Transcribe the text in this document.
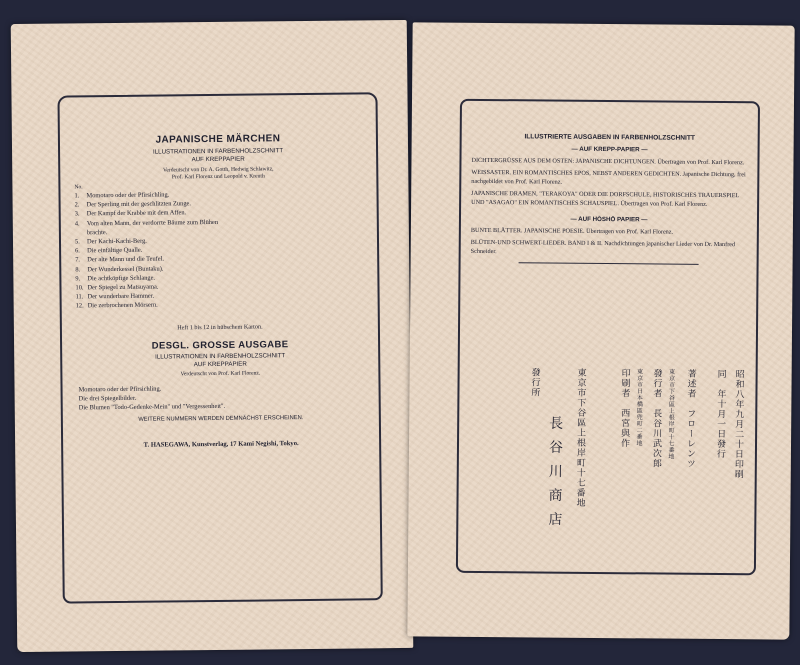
JAPANISCHE MÄRCHEN
ILLUSTRATIONEN IN FARBENHOLZSCHNITT
AUF KREPPAPIER
Verdeutscht von Dr. A. Gotth, Hedwig Schlawitz,
Prof. Karl Florenz und Leopold v. Kreuth
No.
1. Momotaro oder der Pfirsichling.
2. Der Sperling mit der geschlitzten Zunge.
3. Der Kampf der Krabbe mit dem Affen.
4. Vom alten Mann, der verdorrte Bäume zum Blühen
brachte.
5. Der Kachi-Kachi-Berg.
6. Die einfältige Qualle.
7. Der alte Mann und die Teufel.
8. Der Wunderkessel (Buntaku).
9. Die achtköpfige Schlange.
10. Der Spiegel zu Matsuyama.
11. Der wunderbare Hammer.
12. Die zerbrochenen Mörsern.
Heft 1 bis 12 in hübschem Karton.
DESGL. GROSSE AUSGABE
ILLUSTRATIONEN IN FARBENHOLZSCHNITT
AUF KREPPAPIER
Verdeutscht von Prof. Karl Florenz.
Momotaro oder der Pfirsichling.
Die drei Spiegelbilder.
Die Blumen "Todo-Gedenke-Mein" und "Vergessenheit".
WEITERE NUMMERN WERDEN DEMNÄCHST ERSCHEINEN.
T. HASEGAWA, Kunstverlag, 17 Kami Negishi, Tokyo.
ILLUSTRIERTE AUSGABEN IN FARBENHOLZSCHNITT
— AUF KREPP-PAPIER —
DICHTERGRÜSSE AUS DEM OSTEN: JAPANISCHE DICHTUNGEN. Übertragen von Prof. Karl Florenz.
WEISSASTER. EIN ROMANTISCHES EPOS, NEBST ANDEREN GEDICHTEN. Japanische Dichtung, frei nachgebildet von Prof. Karl Florenz.
JAPANISCHE DRAMEN, "TERAKOYA" ODER DIE DORFSCHULE, HISTORISCHES TRAUERSPIEL UND "ASAGAO" EIN ROMANTISCHES SCHAUSPIEL. Übertragen von Prof. Karl Florenz.
— AUF HŌSHŌ PAPIER —
BUNTE BLÄTTER. JAPANISCHE POESIE. Übertragen von Prof. Karl Florenz.
BLÜTEN-UND SCHWERT-LIEDER. BAND I & II. Nachdichtungen japanischer Lieder von Dr. Manfred Schneider.
昭和八年九月二十日印刷
同　年十月一日發行
著述者　フローレンツ
東京市下谷區上根岸町十七番地
發行者　長谷川武次郎
東京市日本橋區兜町二番地
印刷者　西宮與作
發行所	東京市下谷區上根岸町十七番地
長谷川商店
